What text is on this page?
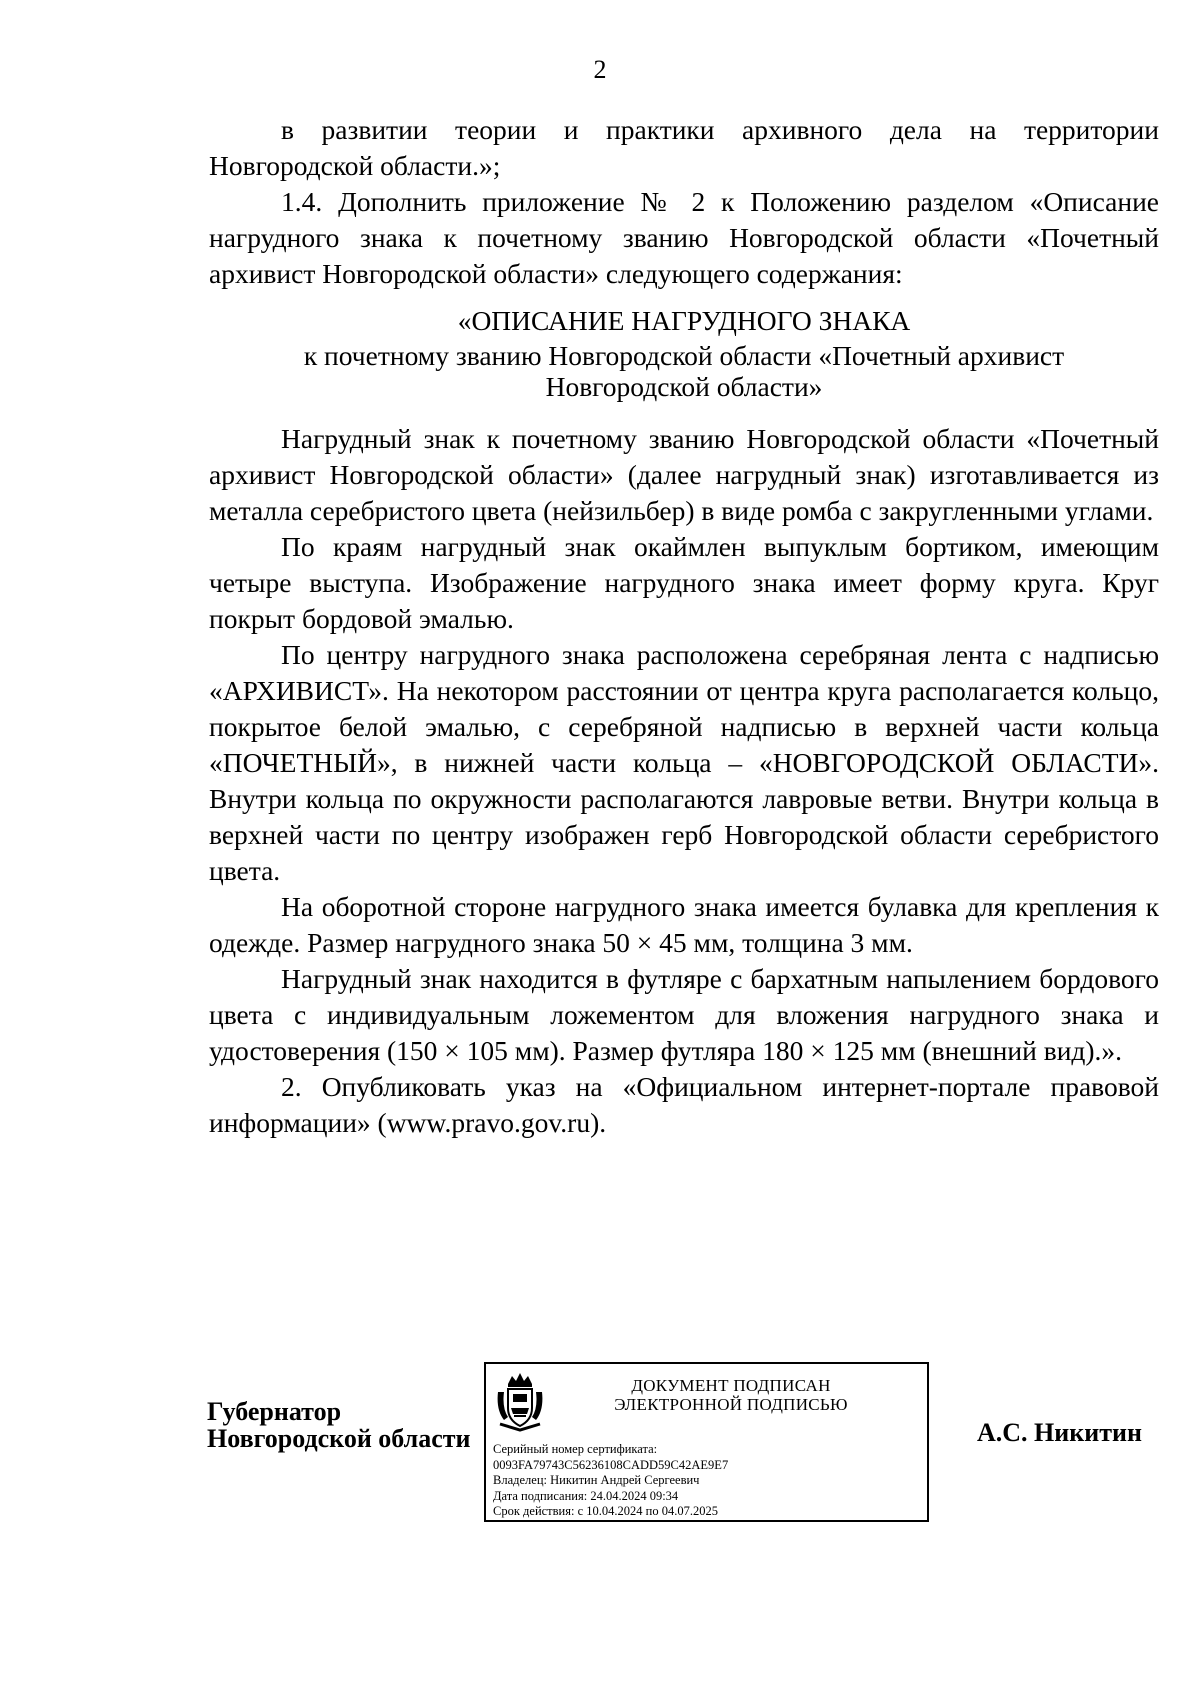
2

в развитии теории и практики архивного дела на территории Новгородской области.»;

1.4. Дополнить приложение № 2 к Положению разделом «Описание нагрудного знака к почетному званию Новгородской области «Почетный архивист Новгородской области» следующего содержания:

«ОПИСАНИЕ НАГРУДНОГО ЗНАКА
к почетному званию Новгородской области «Почетный архивист Новгородской области»

Нагрудный знак к почетному званию Новгородской области «Почетный архивист Новгородской области» (далее нагрудный знак) изготавливается из металла серебристого цвета (нейзильбер) в виде ромба с закругленными углами.

По краям нагрудный знак окаймлен выпуклым бортиком, имеющим четыре выступа. Изображение нагрудного знака имеет форму круга. Круг покрыт бордовой эмалью.

По центру нагрудного знака расположена серебряная лента с надписью «АРХИВИСТ». На некотором расстоянии от центра круга располагается кольцо, покрытое белой эмалью, с серебряной надписью в верхней части кольца «ПОЧЕТНЫЙ», в нижней части кольца – «НОВГОРОДСКОЙ ОБЛАСТИ». Внутри кольца по окружности располагаются лавровые ветви. Внутри кольца в верхней части по центру изображен герб Новгородской области серебристого цвета.

На оборотной стороне нагрудного знака имеется булавка для крепления к одежде. Размер нагрудного знака 50 × 45 мм, толщина 3 мм.

Нагрудный знак находится в футляре с бархатным напылением бордового цвета с индивидуальным ложементом для вложения нагрудного знака и удостоверения (150 × 105 мм). Размер футляра 180 × 125 мм (внешний вид).».

2. Опубликовать указ на «Официальном интернет-портале правовой информации» (www.pravo.gov.ru).

Губернатор
Новгородской области
ДОКУМЕНТ ПОДПИСАН
ЭЛЕКТРОННОЙ ПОДПИСЬЮ
Серийный номер сертификата:
0093FA79743C56236108CADD59C42AE9E7
Владелец: Никитин Андрей Сергеевич
Дата подписания: 24.04.2024 09:34
Срок действия: с 10.04.2024 по 04.07.2025
А.С. Никитин
